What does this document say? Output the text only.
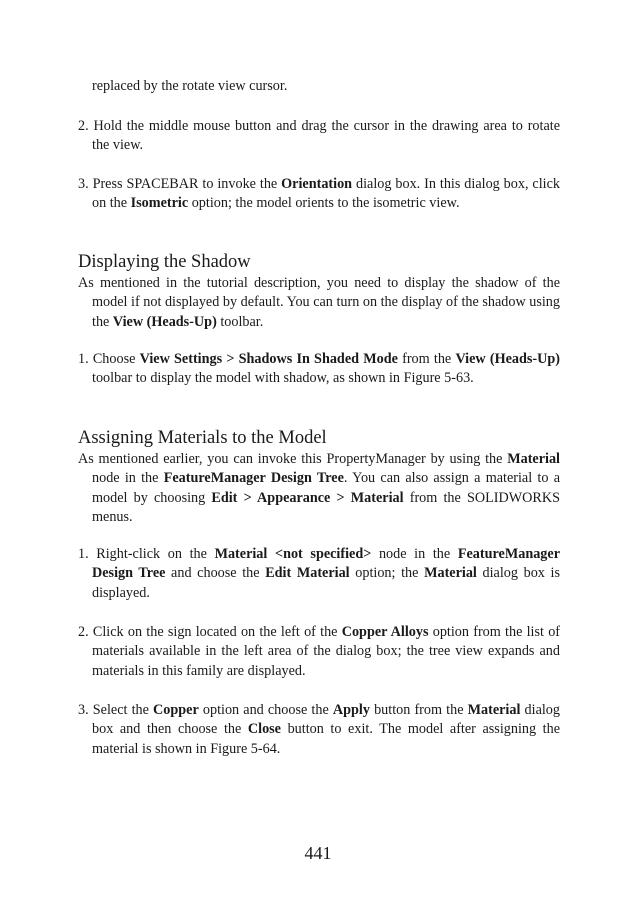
replaced by the rotate view cursor.
2. Hold the middle mouse button and drag the cursor in the drawing area to rotate the view.
3. Press SPACEBAR to invoke the Orientation dialog box. In this dialog box, click on the Isometric option; the model orients to the isometric view.
Displaying the Shadow
As mentioned in the tutorial description, you need to display the shadow of the model if not displayed by default. You can turn on the display of the shadow using the View (Heads-Up) toolbar.
1. Choose View Settings > Shadows In Shaded Mode from the View (Heads-Up) toolbar to display the model with shadow, as shown in Figure 5-63.
Assigning Materials to the Model
As mentioned earlier, you can invoke this PropertyManager by using the Material node in the FeatureManager Design Tree. You can also assign a material to a model by choosing Edit > Appearance > Material from the SOLIDWORKS menus.
1. Right-click on the Material <not specified> node in the FeatureManager Design Tree and choose the Edit Material option; the Material dialog box is displayed.
2. Click on the sign located on the left of the Copper Alloys option from the list of materials available in the left area of the dialog box; the tree view expands and materials in this family are displayed.
3. Select the Copper option and choose the Apply button from the Material dialog box and then choose the Close button to exit. The model after assigning the material is shown in Figure 5-64.
441
